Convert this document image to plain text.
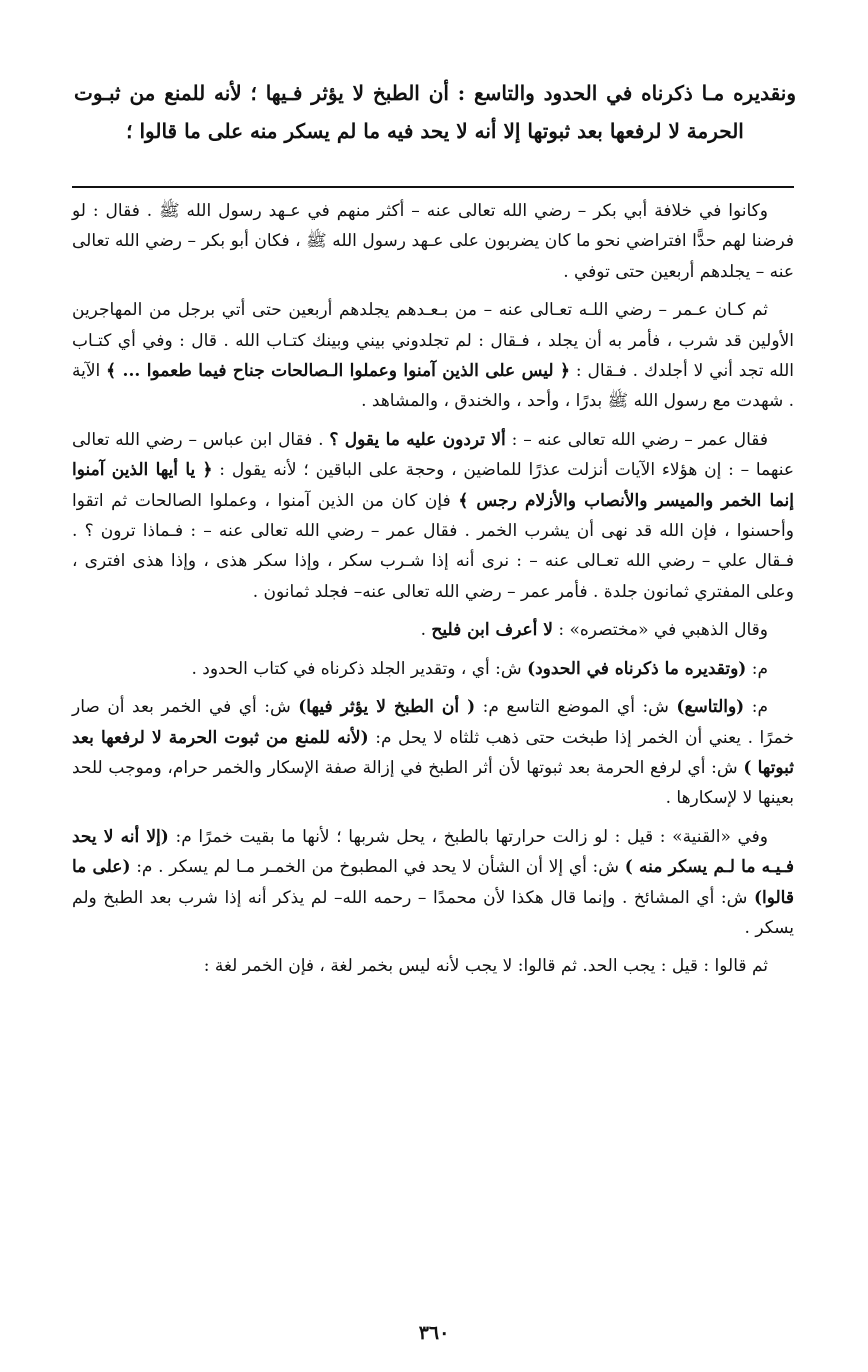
ونقديره مـا ذكرناه في الحدود والتاسع : أن الطبخ لا يؤثر فـيها ؛ لأنه للمنع من ثبـوت الحرمة لا لرفعها بعد ثبوتها إلا أنه لا يحد فيه ما لم يسكر منه على ما قالوا ؛

وكانوا في خلافة أبي بكر – رضي الله تعالى عنه – أكثر منهم في عـهد رسول الله ﷺ . فقال : لو فرضنا لهم حدًّا افتراضي نحو ما كان يضربون على عـهد رسول الله ﷺ ، فكان أبو بكر – رضي الله تعالى عنه – يجلدهم أربعين حتى توفي .

ثم كـان عـمر – رضي اللـه تعـالى عنه – من بـعـدهم يجلدهم أربعين حتى أتي برجل من المهاجرين الأولين قد شرب ، فأمر به أن يجلد ، فـقال : لم تجلدوني بيني وبينك كتـاب الله . قال : وفي أي كتـاب الله تجد أني لا أجلدك . فـقال : ﴿ ليس على الذين آمنوا وعملوا الـصالحات جناح فيما طعموا ... ﴾ الآية . شهدت مع رسول الله ﷺ بدرًا ، وأحد ، والخندق ، والمشاهد .

فقال عمر – رضي الله تعالى عنه – : ألا تردون عليه ما يقول ؟ . فقال ابن عباس – رضي الله تعالى عنهما – : إن هؤلاء الآيات أنزلت عذرًا للماضين ، وحجة على الباقين ؛ لأنه يقول : ﴿ يا أيها الذين آمنوا إنما الخمر والميسر والأنصاب والأزلام رجس ﴾ فإن كان من الذين آمنوا ، وعملوا الصالحات ثم اتقوا وأحسنوا ، فإن الله قد نهى أن يشرب الخمر . فقال عمر – رضي الله تعالى عنه – : فـماذا ترون ؟ . فـقال علي – رضي الله تعـالى عنه – : نرى أنه إذا شـرب سكر ، وإذا سكر هذى ، وإذا هذى افترى ، وعلى المفتري ثمانون جلدة . فأمر عمر – رضي الله تعالى عنه– فجلد ثمانون .

وقال الذهبي في «مختصره» : لا أعرف ابن فليح .

م: (وتقديره ما ذكرناه في الحدود) ش: أي ، وتقدير الجلد ذكرناه في كتاب الحدود .

م: (والتاسع) ش: أي الموضع التاسع م: ( أن الطبخ لا يؤثر فيها) ش: أي في الخمر بعد أن صار خمرًا . يعني أن الخمر إذا طبخت حتى ذهب ثلثاه لا يحل م: (لأنه للمنع من ثبوت الحرمة لا لرفعها بعد ثبوتها ) ش: أي لرفع الحرمة بعد ثبوتها لأن أثر الطبخ في إزالة صفة الإسكار والخمر حرام، وموجب للحد بعينها لا لإسكارها .

وفي «القنية» : قيل : لو زالت حرارتها بالطبخ ، يحل شربها ؛ لأنها ما بقيت خمرًا م: (إلا أنه لا يحد فـيـه ما لـم يسكر منه ) ش: أي إلا أن الشأن لا يحد في المطبوخ من الخمـر مـا لم يسكر . م: (على ما قالوا) ش: أي المشائخ . وإنما قال هكذا لأن محمدًا – رحمه الله– لم يذكر أنه إذا شرب بعد الطبخ ولم يسكر .

ثم قالوا : قيل : يجب الحد. ثم قالوا: لا يجب لأنه ليس بخمر لغة ، فإن الخمر لغة :

٣٦٠
